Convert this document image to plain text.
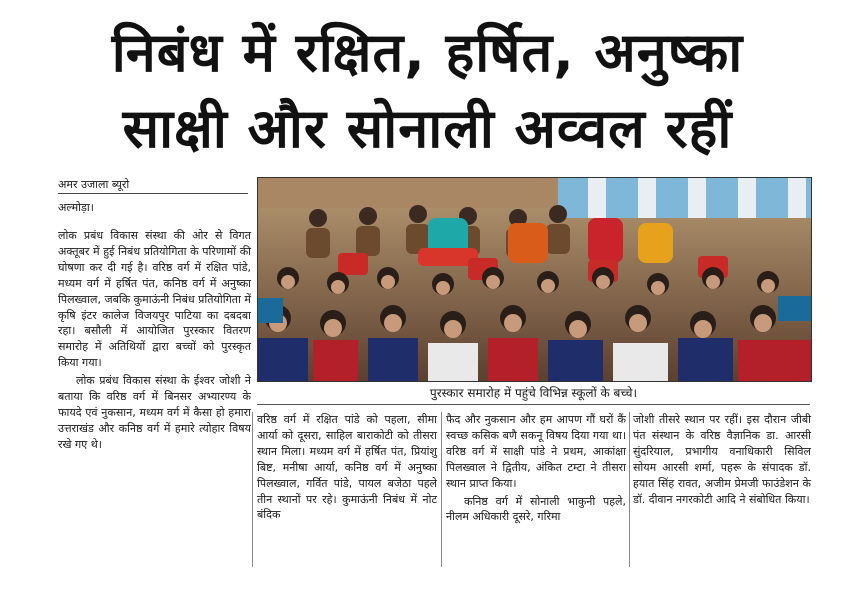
निबंध में रक्षित, हर्षित, अनुष्का
साक्षी और सोनाली अव्वल रहीं
अमर उजाला ब्यूरो
अल्मोड़ा।

लोक प्रबंध विकास संस्था की ओर से विगत अक्तूबर में हुई निबंध प्रतियोगिता के परिणामों की घोषणा कर दी गई है। वरिष्ठ वर्ग में रक्षित पांडे, मध्यम वर्ग में हर्षित पंत, कनिष्ठ वर्ग में अनुष्का पिलख्वाल, जबकि कुमाऊंनी निबंध प्रतियोगिता में कृषि इंटर कालेज विजयपुर पाटिया का दबदबा रहा। बसौली में आयोजित पुरस्कार वितरण समारोह में अतिथियों द्वारा बच्चों को पुरस्कृत किया गया।

लोक प्रबंध विकास संस्था के ईश्वर जोशी ने बताया कि वरिष्ठ वर्ग में बिनसर अभ्यारण्य के फायदे एवं नुकसान, मध्यम वर्ग में कैसा हो हमारा उत्तराखंड और कनिष्ठ वर्ग में हमारे त्योहार विषय रखे गए थे।

पुरस्कार समारोह में पहुंचे विभिन्न स्कूलों के बच्चे।

वरिष्ठ वर्ग में रक्षित पांडे को पहला, सीमा आर्या को दूसरा, साहिल बाराकोटी को तीसरा स्थान मिला। मध्यम वर्ग में हर्षित पंत, प्रियांशु बिष्ट, मनीषा आर्या, कनिष्ठ वर्ग में अनुष्का पिलख्वाल, गर्वित पांडे, पायल बजेठा पहले तीन स्थानों पर रहे। कुमाऊंनी निबंध में नोट बंदिक

फैद और नुकसान और हम आपण गौं घरों कैं स्वच्छ कसिक बणै सकनू विषय दिया गया था। वरिष्ठ वर्ग में साक्षी पांडे ने प्रथम, आकांक्षा पिलख्वाल ने द्वितीय, अंकित टम्टा ने तीसरा स्थान प्राप्त किया।

कनिष्ठ वर्ग में सोनाली भाकुनी पहले, नीलम अधिकारी दूसरे, गरिमा

जोशी तीसरे स्थान पर रहीं। इस दौरान जीबी पंत संस्थान के वरिष्ठ वैज्ञानिक डा. आरसी सुंदरियाल, प्रभागीय वनाधिकारी सिविल सोयम आरसी शर्मा, पहरू के संपादक डॉ. हयात सिंह रावत, अजीम प्रेमजी फाउंडेशन के डॉ. दीवान नगरकोटी आदि ने संबोधित किया।
